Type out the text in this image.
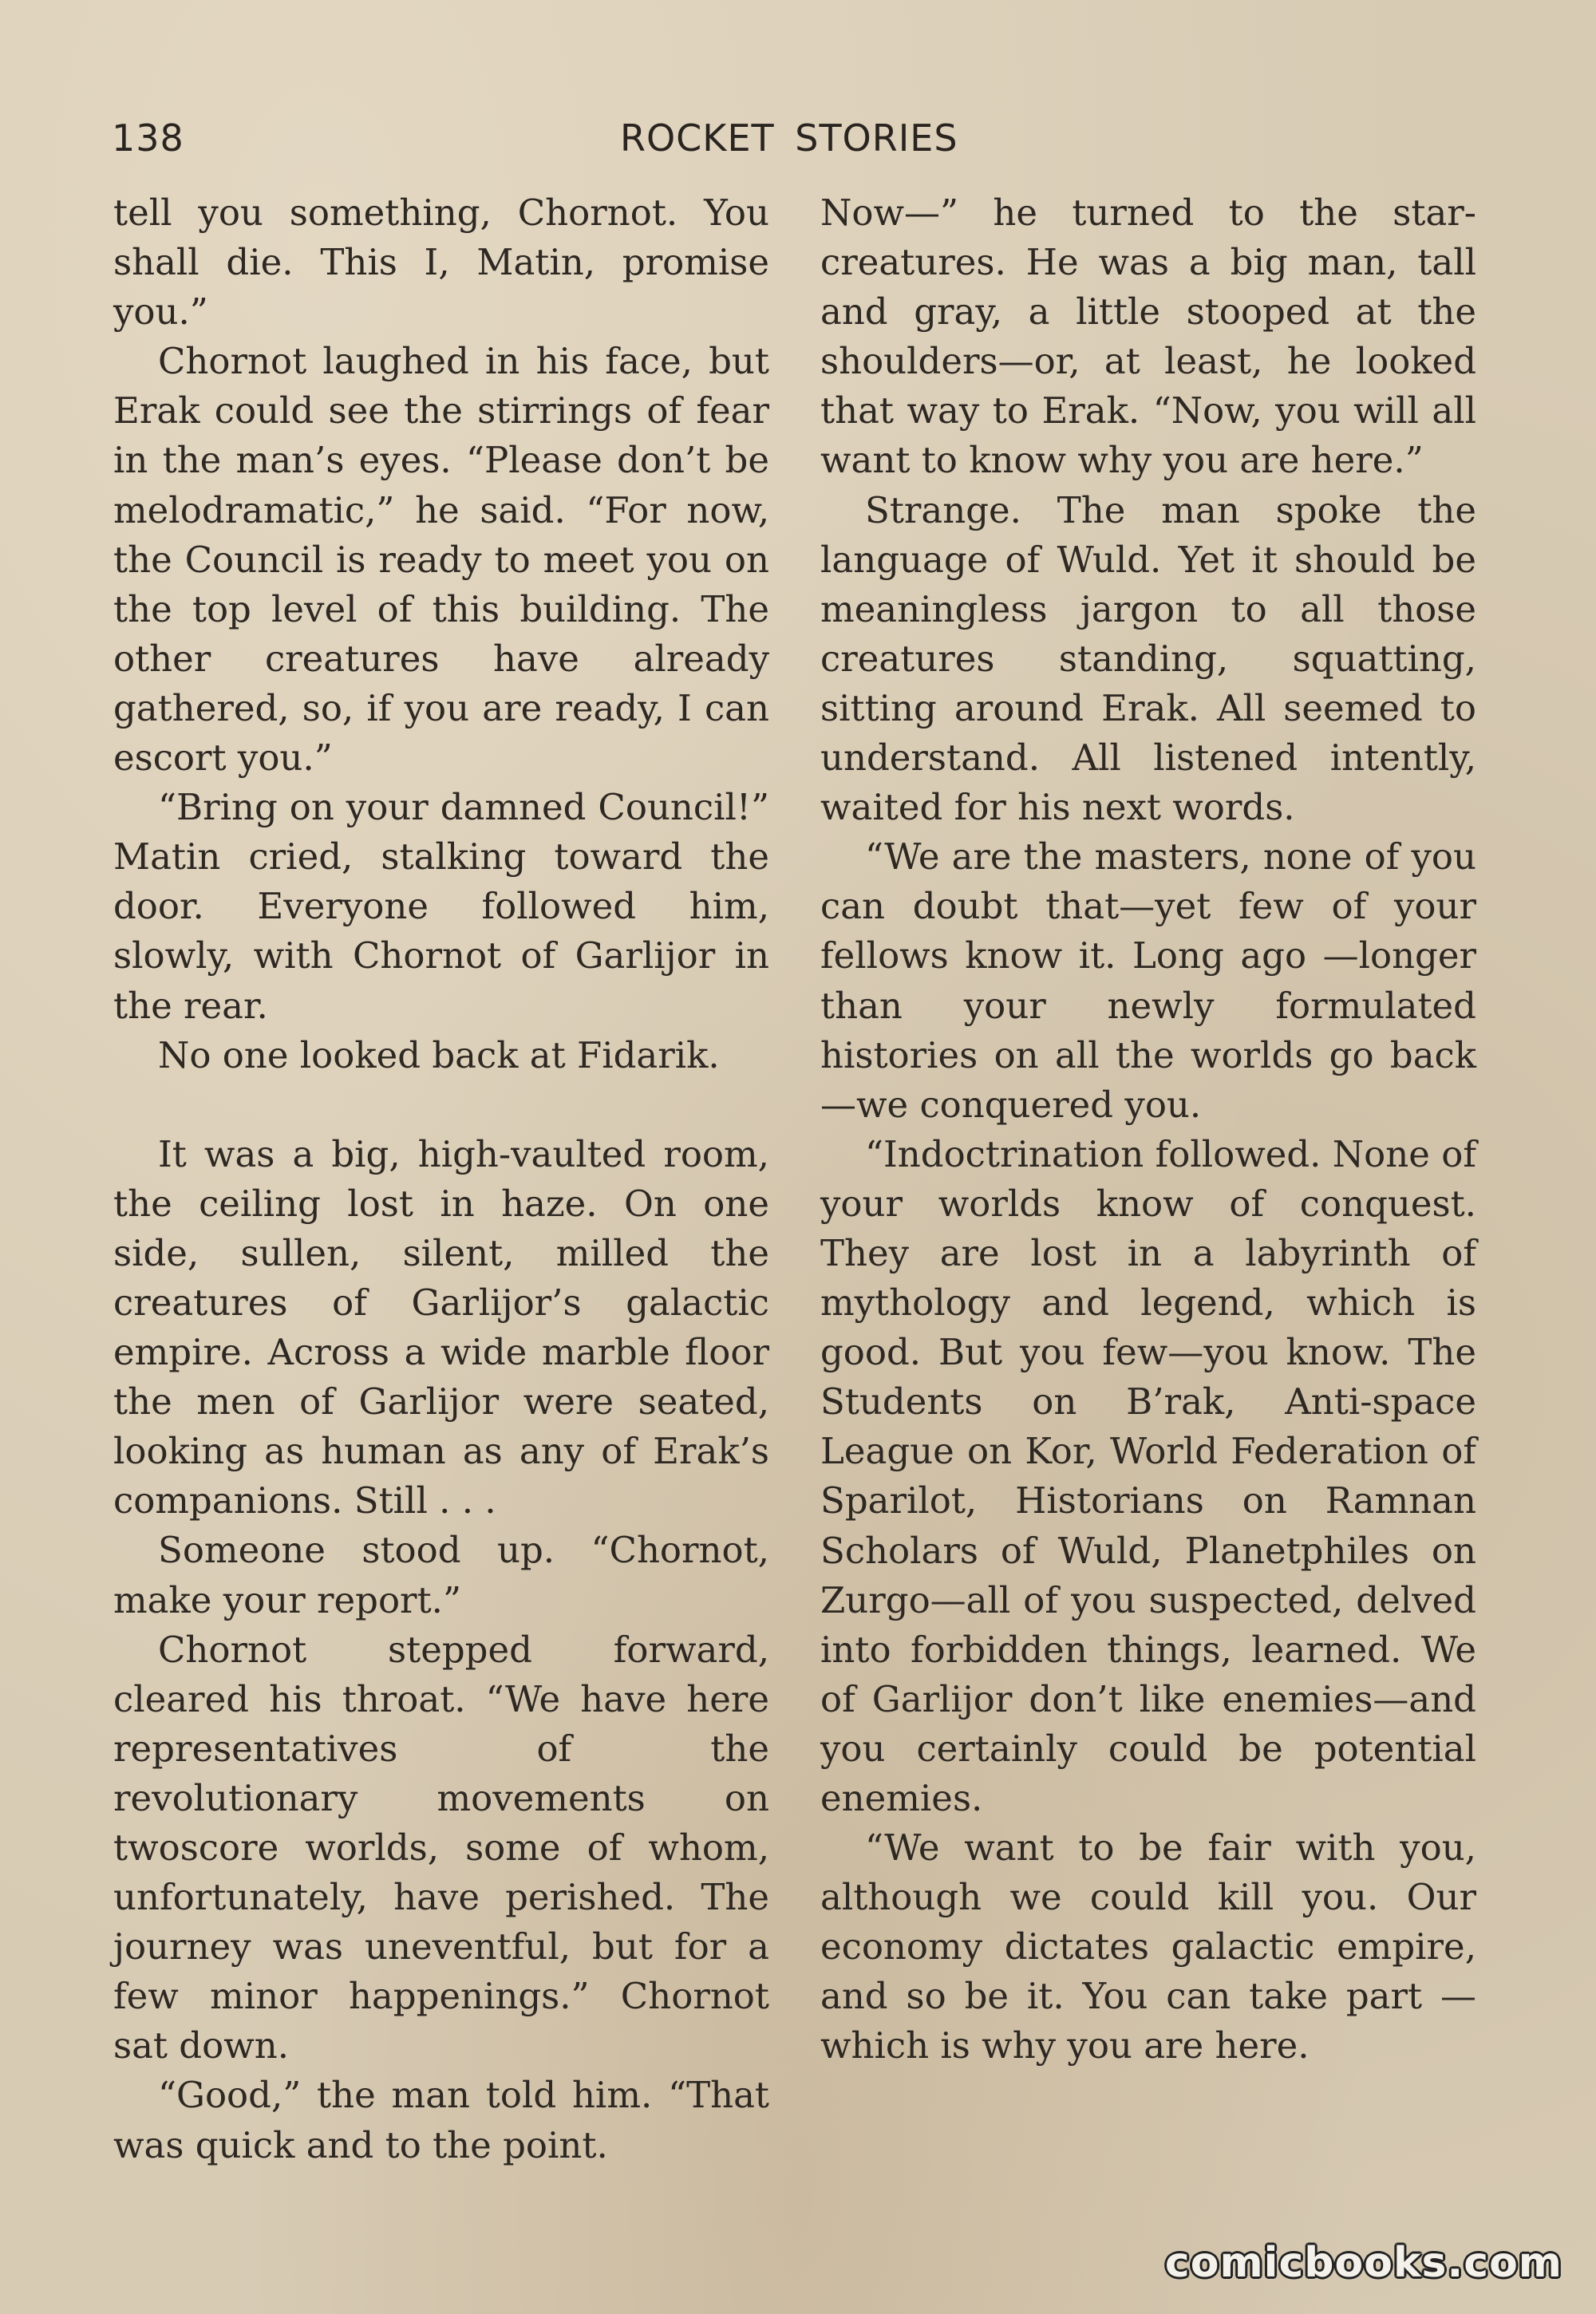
138	ROCKET STORIES

tell you something, Chornot. You shall die. This I, Matin, promise you.”

Chornot laughed in his face, but Erak could see the stirrings of fear in the man’s eyes. “Please don’t be melodramatic,” he said. “For now, the Council is ready to meet you on the top level of this building. The other creatures have already gathered, so, if you are ready, I can escort you.”

“Bring on your damned Council!” Matin cried, stalking toward the door. Everyone followed him, slowly, with Chornot of Garlijor in the rear.

No one looked back at Fidarik.

It was a big, high-vaulted room, the ceiling lost in haze. On one side, sullen, silent, milled the creatures of Garlijor’s galactic empire. Across a wide marble floor the men of Garlijor were seated, looking as human as any of Erak’s companions. Still . . .

Someone stood up. “Chornot, make your report.”

Chornot stepped forward, cleared his throat. “We have here representatives of the revolutionary movements on twoscore worlds, some of whom, unfortunately, have perished. The journey was uneventful, but for a few minor happenings.” Chornot sat down.

“Good,” the man told him. “That was quick and to the point.

Now—” he turned to the star-creatures. He was a big man, tall and gray, a little stooped at the shoulders—or, at least, he looked that way to Erak. “Now, you will all want to know why you are here.”

Strange. The man spoke the language of Wuld. Yet it should be meaningless jargon to all those creatures standing, squatting, sitting around Erak. All seemed to understand. All listened intently, waited for his next words.

“We are the masters, none of you can doubt that—yet few of your fellows know it. Long ago —longer than your newly formulated histories on all the worlds go back—we conquered you.

“Indoctrination followed. None of your worlds know of conquest. They are lost in a labyrinth of mythology and legend, which is good. But you few—you know. The Students on B’rak, Anti-space League on Kor, World Federation of Sparilot, Historians on Ramnan Scholars of Wuld, Planetphiles on Zurgo—all of you suspected, delved into forbidden things, learned. We of Garlijor don’t like enemies—and you certainly could be potential enemies.

“We want to be fair with you, although we could kill you. Our economy dictates galactic empire, and so be it. You can take part —which is why you are here.

comicbooks.com
